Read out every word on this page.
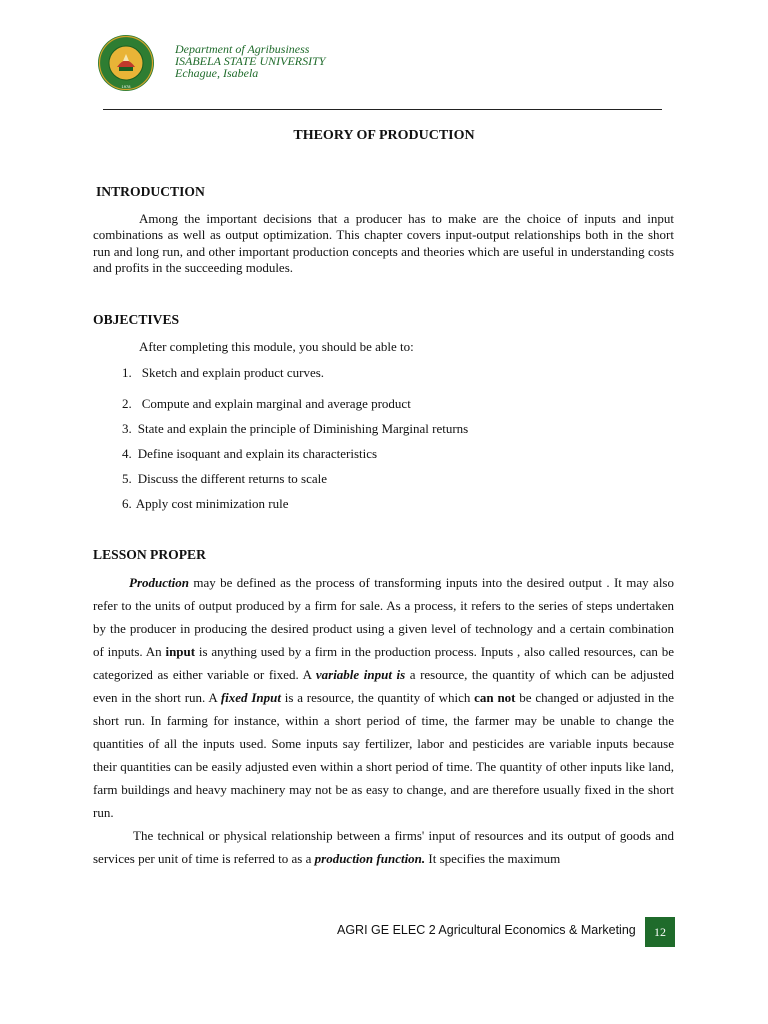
1978
Department of Agribusiness
ISABELA STATE UNIVERSITY
Echague, Isabela
THEORY OF PRODUCTION
INTRODUCTION

Among the important decisions that a producer has to make are the choice of inputs and input combinations as well as output optimization. This chapter covers input-output relationships both in the short run and long run, and other important production concepts and theories which are useful in understanding costs and profits in the succeeding modules.

OBJECTIVES
After completing this module, you should be able to:
1. Sketch and explain product curves.
2. Compute and explain marginal and average product
3. State and explain the principle of Diminishing Marginal returns
4. Define isoquant and explain its characteristics
5. Discuss the different returns to scale
6. Apply cost minimization rule
LESSON PROPER

Production may be defined as the process of transforming inputs into the desired output . It may also refer to the units of output produced by a firm for sale. As a process, it refers to the series of steps undertaken by the producer in producing the desired product using a given level of technology and a certain combination of inputs. An input is anything used by a firm in the production process. Inputs , also called resources, can be categorized as either variable or fixed. A variable input is a resource, the quantity of which can be adjusted even in the short run. A fixed Input is a resource, the quantity of which can not be changed or adjusted in the short run. In farming for instance, within a short period of time, the farmer may be unable to change the quantities of all the inputs used. Some inputs say fertilizer, labor and pesticides are variable inputs because their quantities can be easily adjusted even within a short period of time. The quantity of other inputs like land, farm buildings and heavy machinery may not be as easy to change, and are therefore usually fixed in the short run.

The technical or physical relationship between a firms' input of resources and its output of goods and services per unit of time is referred to as a production function. It specifies the maximum

AGRI GE ELEC 2 Agricultural Economics & Marketing	12
